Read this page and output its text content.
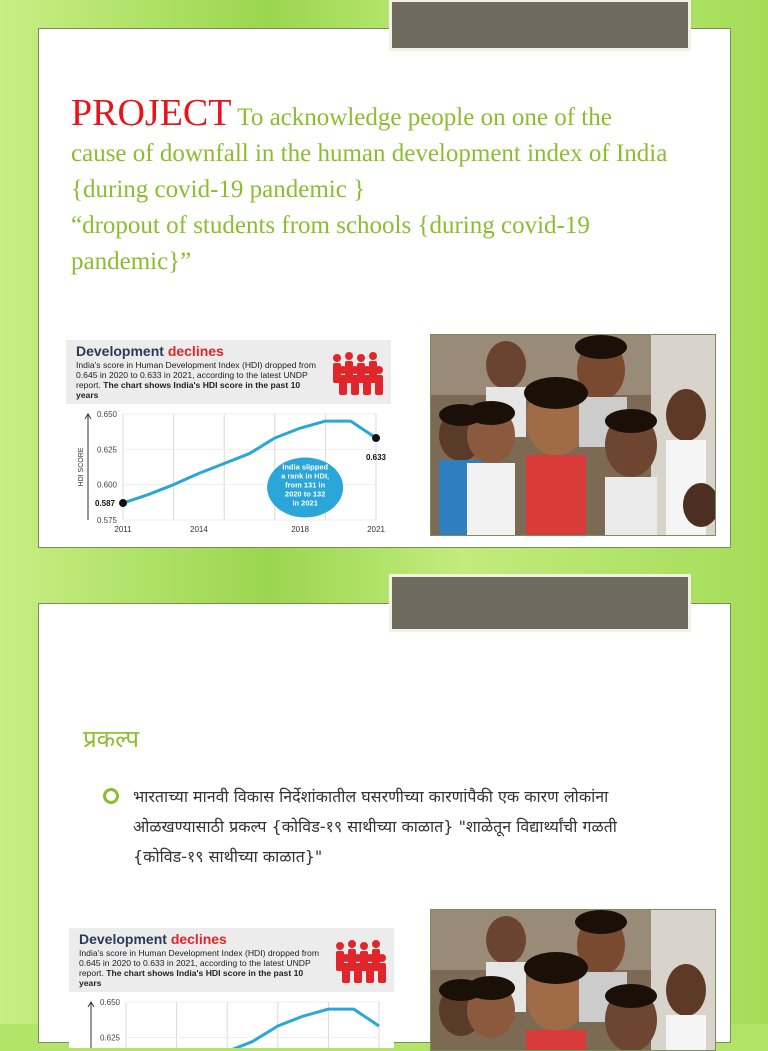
PROJECT To acknowledge people on one of the cause of downfall in the human development index of India {during covid-19 pandemic }
“dropout of students from schools {during covid-19 pandemic}”
Development declines
India's score in Human Development Index (HDI) dropped from 0.645 in 2020 to 0.633 in 2021, according to the latest UNDP report. The chart shows India's HDI score in the past 10 years
0.650
0.625
0.600
0.575
HDI SCORE
2011	2014	2018	2021
0.587
0.633
India slipped
a rank in HDI,
from 131 in
2020 to 132
in 2021
प्रकल्प
भारताच्या मानवी विकास निर्देशांकातील घसरणीच्या कारणांपैकी एक कारण लोकांना ओळखण्यासाठी प्रकल्प {कोविड-१९ साथीच्या काळात} "शाळेतून विद्यार्थ्यांची गळती {कोविड-१९ साथीच्या काळात}"
Development declines
India's score in Human Development Index (HDI) dropped from 0.645 in 2020 to 0.633 in 2021, according to the latest UNDP report. The chart shows India's HDI score in the past 10 years
0.650
0.625
